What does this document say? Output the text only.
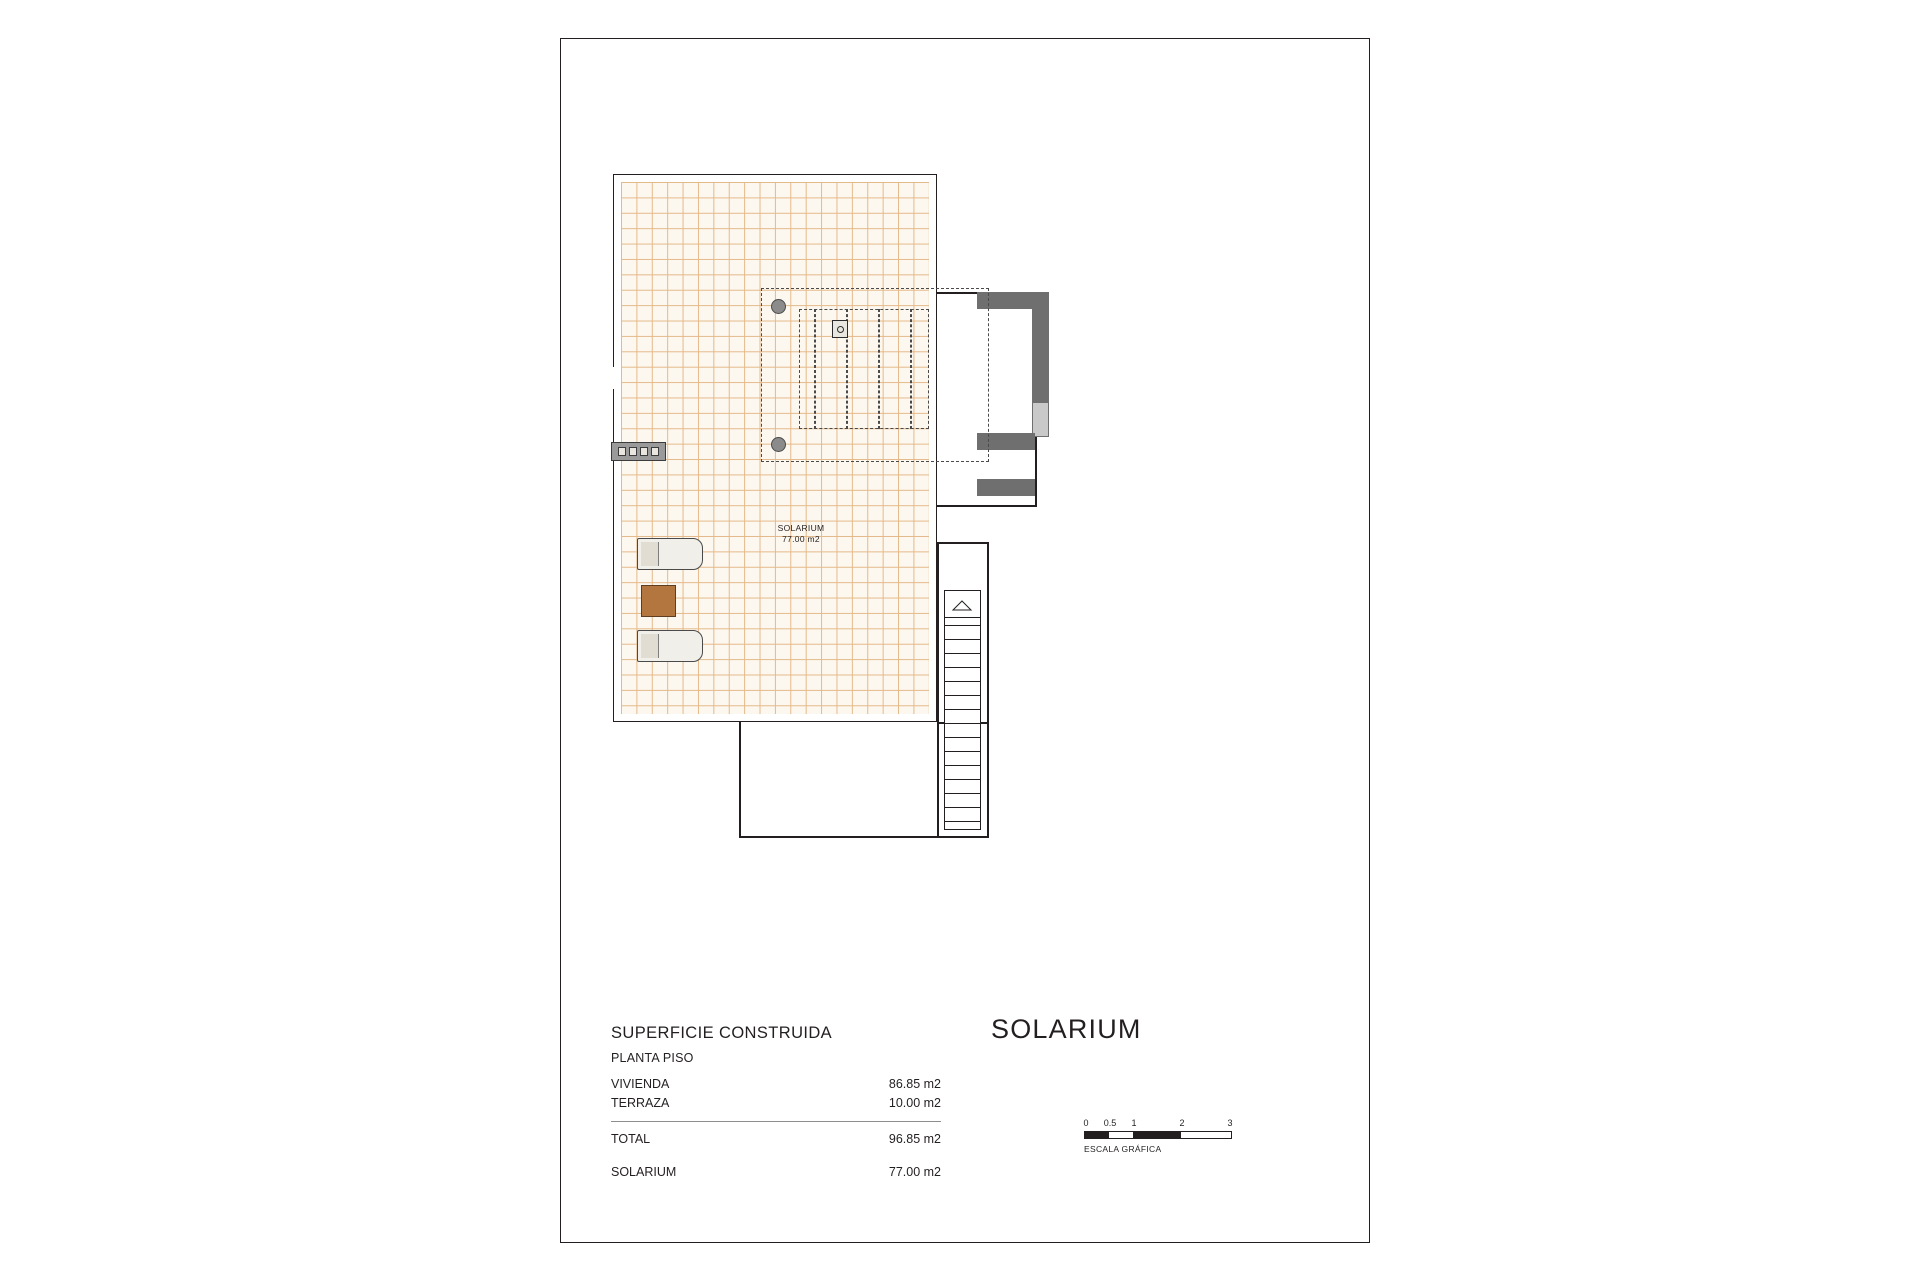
SOLARIUM
77.00 m2
SUPERFICIE CONSTRUIDA
PLANTA PISO
VIVIENDA	86.85 m2
TERRAZA	10.00 m2
TOTAL	96.85 m2
SOLARIUM	77.00 m2
SOLARIUM
0 0.5 1	2	3
ESCALA GRÁFICA
